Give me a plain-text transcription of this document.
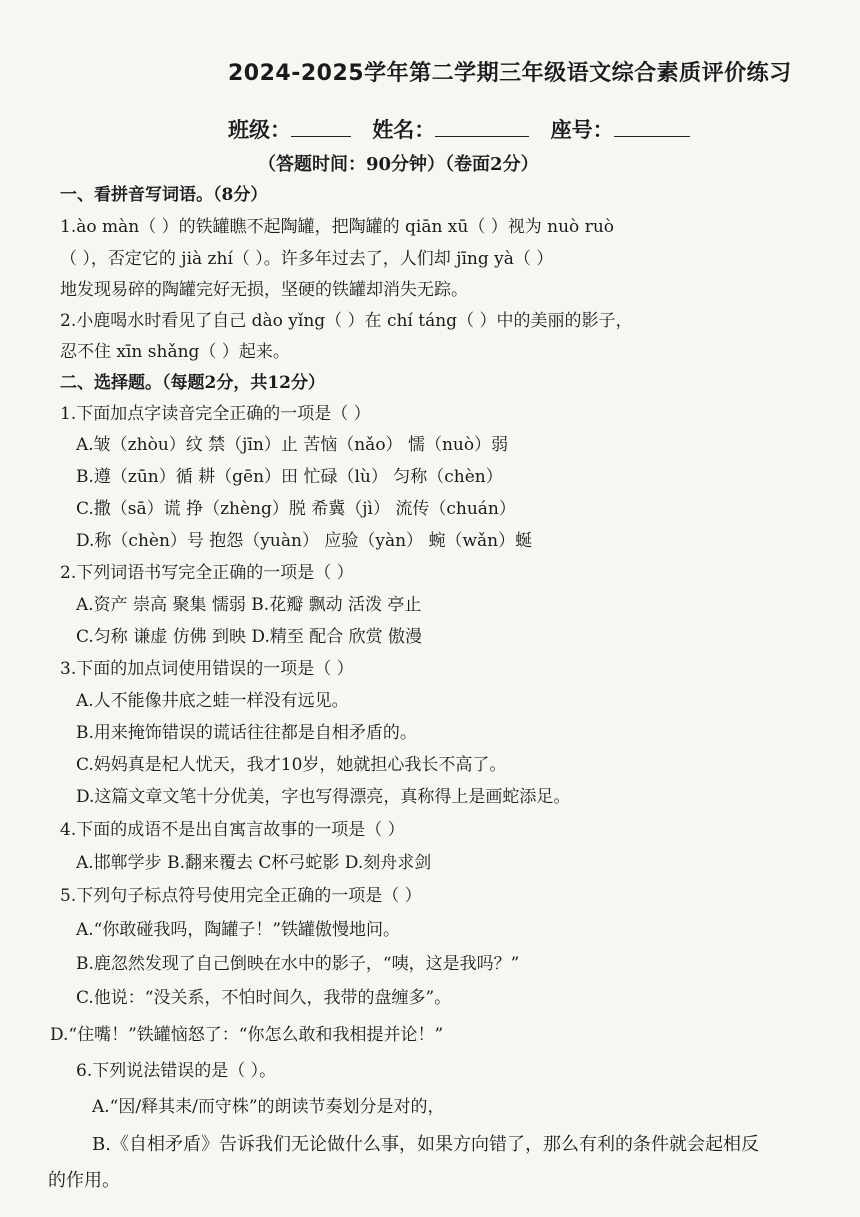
2024-2025学年第二学期三年级语文综合素质评价练习
班级：	姓名：	座号：
（答题时间：90分钟）（卷面2分）
一、看拼音写词语。（8分）
1.ào màn（ ）的铁罐瞧不起陶罐，把陶罐的 qiān xū（ ）视为 nuò ruò
（ ），否定它的 jià zhí（ ）。许多年过去了，人们却 jīng yà（ ）
地发现易碎的陶罐完好无损，坚硬的铁罐却消失无踪。
2.小鹿喝水时看见了自己 dào yǐng（ ）在 chí táng（ ）中的美丽的影子，
忍不住 xīn shǎng（ ）起来。
二、选择题。（每题2分，共12分）
1.下面加点字读音完全正确的一项是（ ）
A.皱（zhòu）纹 禁（jīn）止 苦恼（nǎo） 懦（nuò）弱
B.遵（zūn）循 耕（gēn）田 忙碌（lù） 匀称（chèn）
C.撒（sā）谎 挣（zhèng）脱 希冀（jì） 流传（chuán）
D.称（chèn）号 抱怨（yuàn） 应验（yàn） 蜿（wǎn）蜒
2.下列词语书写完全正确的一项是（ ）
A.资产 崇高 聚集 懦弱 B.花瓣 飘动 活泼 亭止
C.匀称 谦虚 仿佛 到映 D.精至 配合 欣赏 傲漫
3.下面的加点词使用错误的一项是（ ）
A.人不能像井底之蛙一样没有远见。
B.用来掩饰错误的谎话往往都是自相矛盾的。
C.妈妈真是杞人忧天，我才10岁，她就担心我长不高了。
D.这篇文章文笔十分优美，字也写得漂亮，真称得上是画蛇添足。
4.下面的成语不是出自寓言故事的一项是（ ）
A.邯郸学步 B.翻来覆去 C杯弓蛇影 D.刻舟求剑
5.下列句子标点符号使用完全正确的一项是（ ）
A.“你敢碰我吗，陶罐子！”铁罐傲慢地问。
B.鹿忽然发现了自己倒映在水中的影子，“咦，这是我吗？”
C.他说：“没关系，不怕时间久，我带的盘缠多”。
D.“住嘴！”铁罐恼怒了：“你怎么敢和我相提并论！”
6.下列说法错误的是（ ）。
A.“因/释其耒/而守株”的朗读节奏划分是对的，
B.《自相矛盾》告诉我们无论做什么事，如果方向错了，那么有利的条件就会起相反
的作用。
